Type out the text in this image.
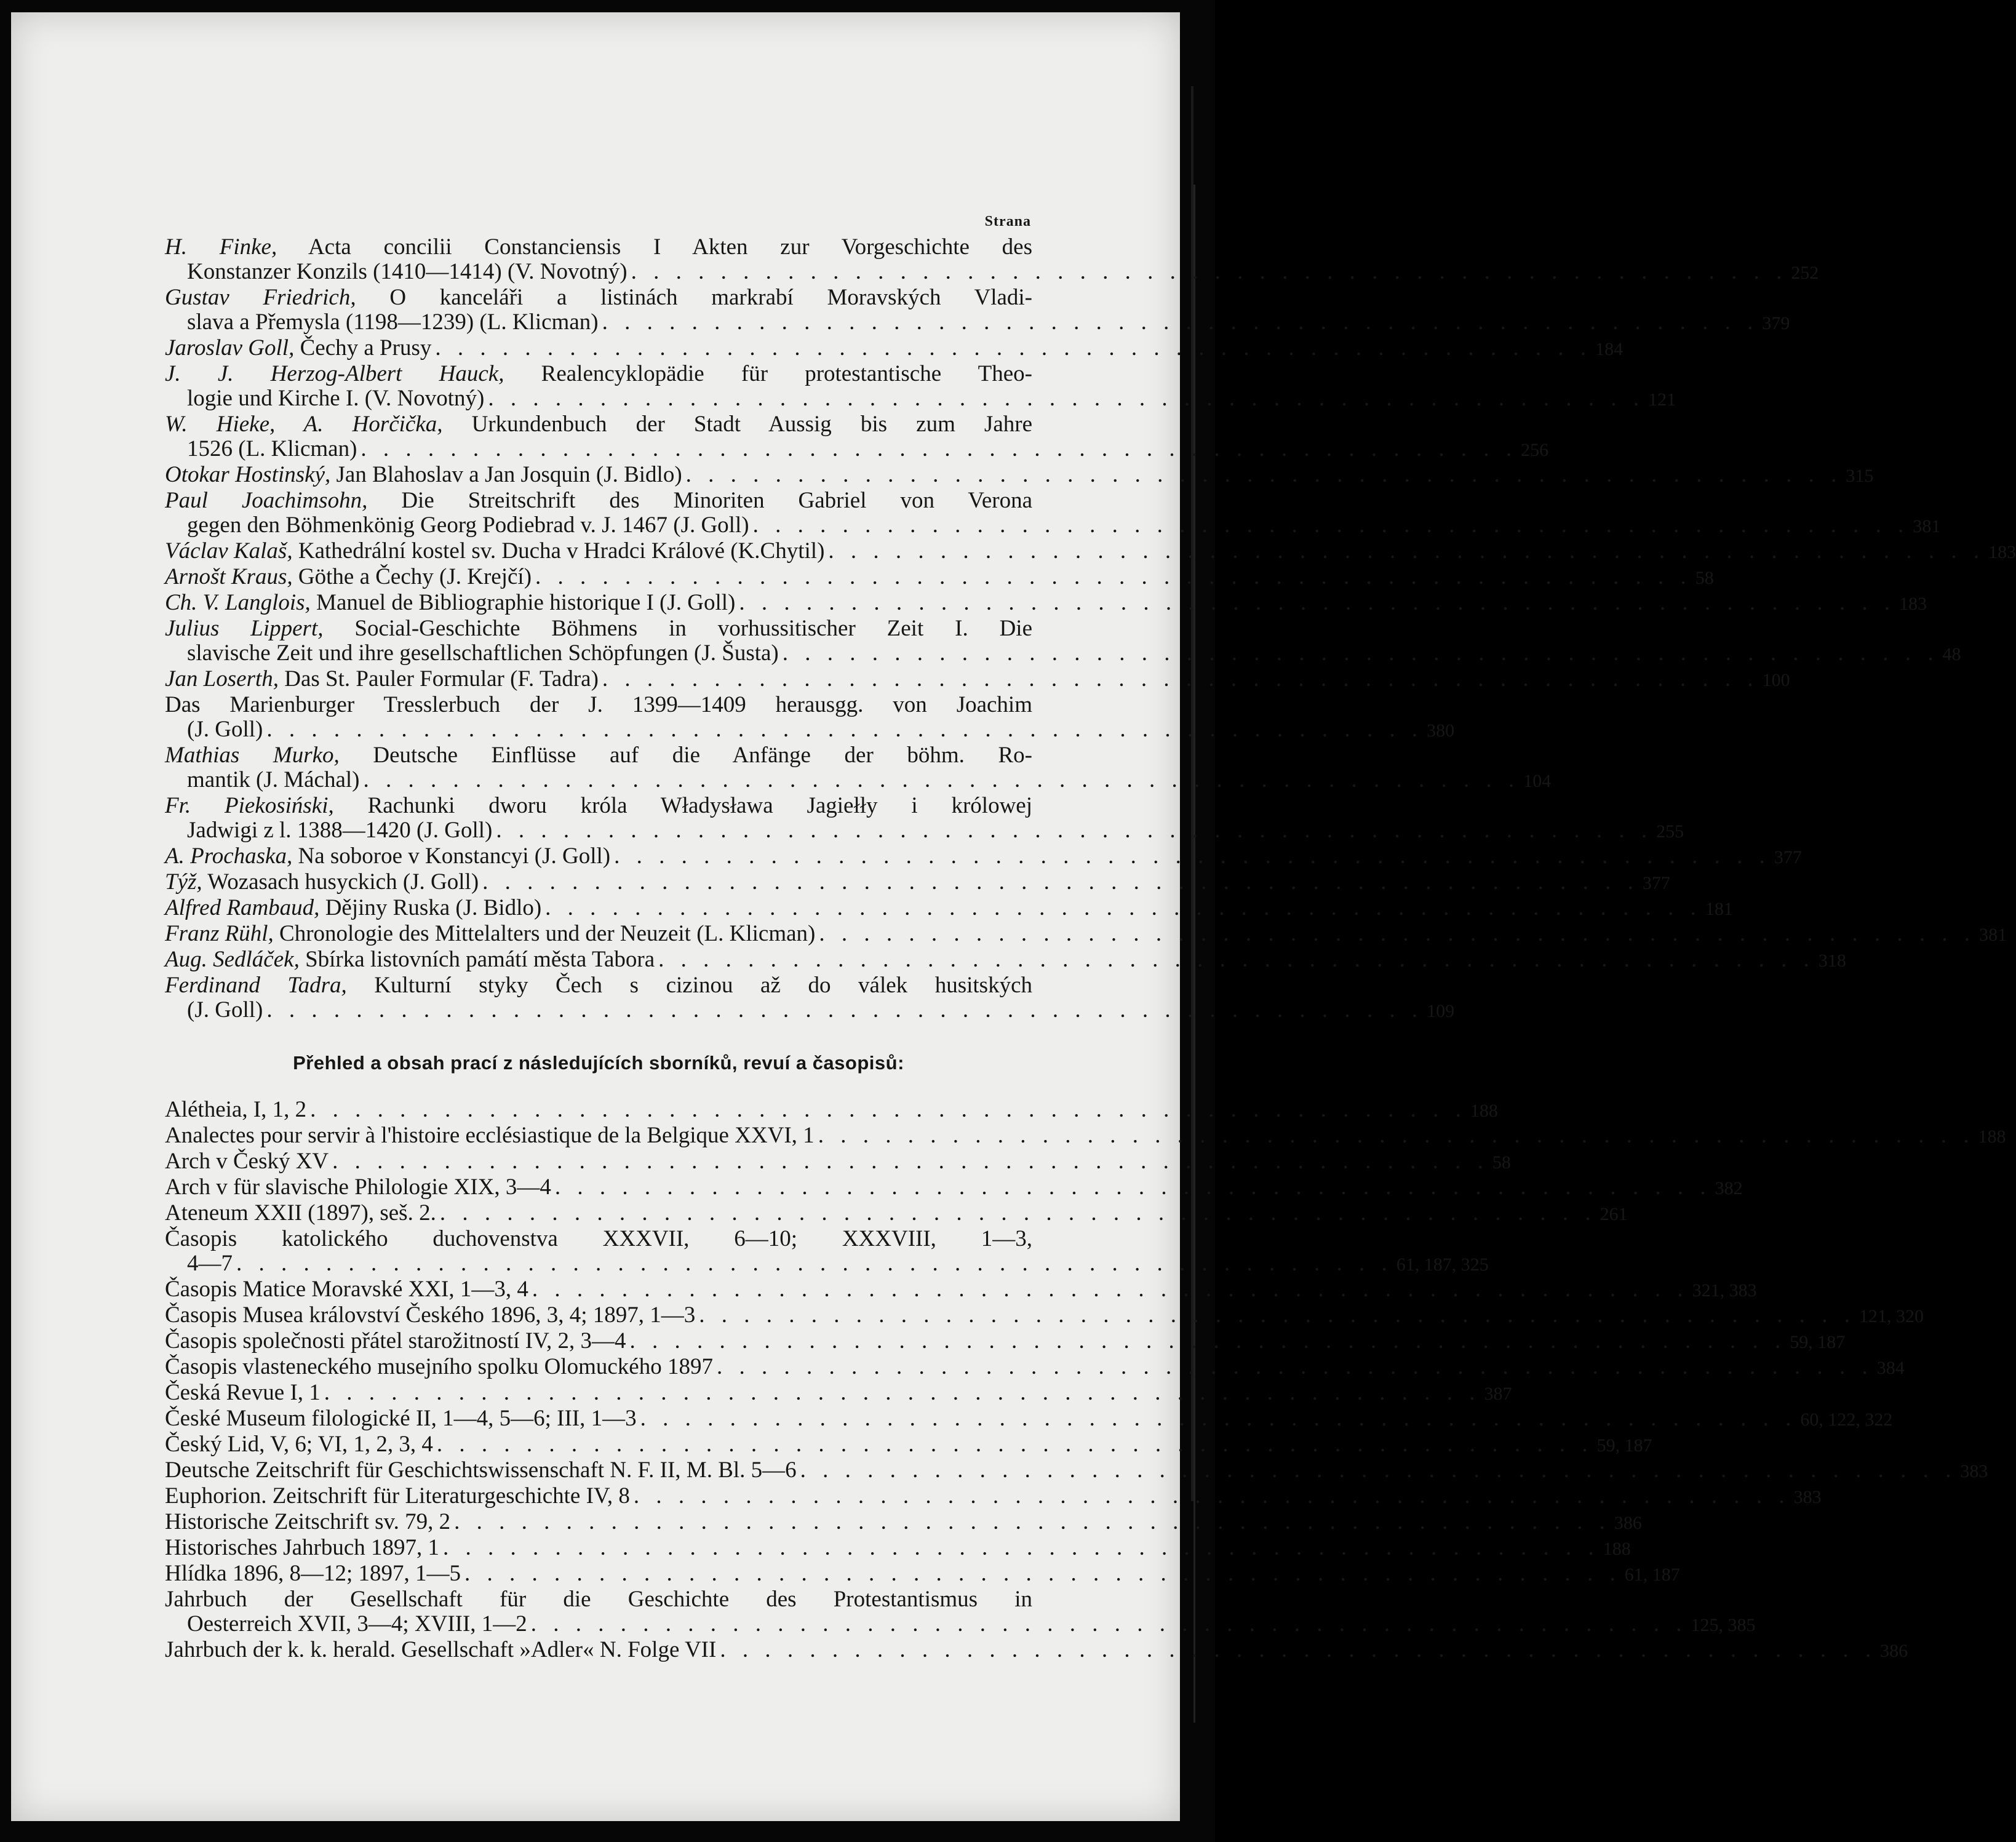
Strana
H. Finke, Acta concilii Constanciensis I Akten zur Vorgeschichte des
Konstanzer Konzils (1410—1414) (V. Novotný) . . . . . . . . . . . . . . . . . . . . . . . . . . . . . . . . . . . . . . . . . . . . . . . . . . . . 252
Gustav Friedrich, O kanceláři a listinách markrabí Moravských Vladi-
slava a Přemysla (1198—1239) (L. Klicman) . . . . . . . . . . . . . . . . . . . . . . . . . . . . . . . . . . . . . . . . . . . . . . . . . . . . 379
Jaroslav Goll, Čechy a Prusy . . . . . . . . . . . . . . . . . . . . . . . . . . . . . . . . . . . . . . . . . . . . . . . . . . . . 184
J. J. Herzog-Albert Hauck, Realencyklopädie für protestantische Theo-
logie und Kirche I. (V. Novotný) . . . . . . . . . . . . . . . . . . . . . . . . . . . . . . . . . . . . . . . . . . . . . . . . . . . . 121
W. Hieke, A. Horčička, Urkundenbuch der Stadt Aussig bis zum Jahre
1526 (L. Klicman) . . . . . . . . . . . . . . . . . . . . . . . . . . . . . . . . . . . . . . . . . . . . . . . . . . . . 256
Otokar Hostinský, Jan Blahoslav a Jan Josquin (J. Bidlo) . . . . . . . . . . . . . . . . . . . . . . . . . . . . . . . . . . . . . . . . . . . . . . . . . . . . 315
Paul Joachimsohn, Die Streitschrift des Minoriten Gabriel von Verona
gegen den Böhmenkönig Georg Podiebrad v. J. 1467 (J. Goll) . . . . . . . . . . . . . . . . . . . . . . . . . . . . . . . . . . . . . . . . . . . . . . . . . . . . 381
Václav Kalaš, Kathedrální kostel sv. Ducha v Hradci Králové (K.Chytil) . . . . . . . . . . . . . . . . . . . . . . . . . . . . . . . . . . . . . . . . . . . . . . . . . . . . 183
Arnošt Kraus, Göthe a Čechy (J. Krejčí) . . . . . . . . . . . . . . . . . . . . . . . . . . . . . . . . . . . . . . . . . . . . . . . . . . . . 58
Ch. V. Langlois, Manuel de Bibliographie historique I (J. Goll) . . . . . . . . . . . . . . . . . . . . . . . . . . . . . . . . . . . . . . . . . . . . . . . . . . . . 183
Julius Lippert, Social-Geschichte Böhmens in vorhussitischer Zeit I. Die
slavische Zeit und ihre gesellschaftlichen Schöpfungen (J. Šusta) . . . . . . . . . . . . . . . . . . . . . . . . . . . . . . . . . . . . . . . . . . . . . . . . . . . . 48
Jan Loserth, Das St. Pauler Formular (F. Tadra) . . . . . . . . . . . . . . . . . . . . . . . . . . . . . . . . . . . . . . . . . . . . . . . . . . . . 100
Das Marienburger Tresslerbuch der J. 1399—1409 herausgg. von Joachim
(J. Goll) . . . . . . . . . . . . . . . . . . . . . . . . . . . . . . . . . . . . . . . . . . . . . . . . . . . . 380
Mathias Murko, Deutsche Einflüsse auf die Anfänge der böhm. Ro-
mantik (J. Máchal) . . . . . . . . . . . . . . . . . . . . . . . . . . . . . . . . . . . . . . . . . . . . . . . . . . . . 104
Fr. Piekosiński, Rachunki dworu króla Władysława Jagiełły i królowej
Jadwigi z l. 1388—1420 (J. Goll) . . . . . . . . . . . . . . . . . . . . . . . . . . . . . . . . . . . . . . . . . . . . . . . . . . . . 255
A. Prochaska, Na soboroe v Konstancyi (J. Goll) . . . . . . . . . . . . . . . . . . . . . . . . . . . . . . . . . . . . . . . . . . . . . . . . . . . . 377
Týž, Wozasach husyckich (J. Goll) . . . . . . . . . . . . . . . . . . . . . . . . . . . . . . . . . . . . . . . . . . . . . . . . . . . . 377
Alfred Rambaud, Dějiny Ruska (J. Bidlo) . . . . . . . . . . . . . . . . . . . . . . . . . . . . . . . . . . . . . . . . . . . . . . . . . . . . 181
Franz Rühl, Chronologie des Mittelalters und der Neuzeit (L. Klicman) . . . . . . . . . . . . . . . . . . . . . . . . . . . . . . . . . . . . . . . . . . . . . . . . . . . . 381
Aug. Sedláček, Sbírka listovních památí města Tabora . . . . . . . . . . . . . . . . . . . . . . . . . . . . . . . . . . . . . . . . . . . . . . . . . . . . 318
Ferdinand Tadra, Kulturní styky Čech s cizinou až do válek husitských
(J. Goll) . . . . . . . . . . . . . . . . . . . . . . . . . . . . . . . . . . . . . . . . . . . . . . . . . . . . 109
Přehled a obsah prací z následujících sborníků, revuí a časopisů:
Alétheia, I, 1, 2 . . . . . . . . . . . . . . . . . . . . . . . . . . . . . . . . . . . . . . . . . . . . . . . . . . . . 188
Analectes pour servir à l'histoire ecclésiastique de la Belgique XXVI, 1 . . . . . . . . . . . . . . . . . . . . . . . . . . . . . . . . . . . . . . . . . . . . . . . . . . . . 188
Arch v Český XV . . . . . . . . . . . . . . . . . . . . . . . . . . . . . . . . . . . . . . . . . . . . . . . . . . . . 58
Arch v für slavische Philologie XIX, 3—4 . . . . . . . . . . . . . . . . . . . . . . . . . . . . . . . . . . . . . . . . . . . . . . . . . . . . 382
Ateneum XXII (1897), seš. 2. . . . . . . . . . . . . . . . . . . . . . . . . . . . . . . . . . . . . . . . . . . . . . . . . . . . . 261
Časopis katolického duchovenstva XXXVII, 6—10; XXXVIII, 1—3,
4—7 . . . . . . . . . . . . . . . . . . . . . . . . . . . . . . . . . . . . . . . . . . . . . . . . . . . . 61, 187, 325
Časopis Matice Moravské XXI, 1—3, 4 . . . . . . . . . . . . . . . . . . . . . . . . . . . . . . . . . . . . . . . . . . . . . . . . . . . . 321, 383
Časopis Musea království Českého 1896, 3, 4; 1897, 1—3 . . . . . . . . . . . . . . . . . . . . . . . . . . . . . . . . . . . . . . . . . . . . . . . . . . . . 121, 320
Časopis společnosti přátel starožitností IV, 2, 3—4 . . . . . . . . . . . . . . . . . . . . . . . . . . . . . . . . . . . . . . . . . . . . . . . . . . . . 59, 187
Časopis vlasteneckého musejního spolku Olomuckého 1897 . . . . . . . . . . . . . . . . . . . . . . . . . . . . . . . . . . . . . . . . . . . . . . . . . . . . 384
Česká Revue I, 1 . . . . . . . . . . . . . . . . . . . . . . . . . . . . . . . . . . . . . . . . . . . . . . . . . . . . 387
České Museum filologické II, 1—4, 5—6; III, 1—3 . . . . . . . . . . . . . . . . . . . . . . . . . . . . . . . . . . . . . . . . . . . . . . . . . . . . 60, 122, 322
Český Lid, V, 6; VI, 1, 2, 3, 4 . . . . . . . . . . . . . . . . . . . . . . . . . . . . . . . . . . . . . . . . . . . . . . . . . . . . 59, 187
Deutsche Zeitschrift für Geschichtswissenschaft N. F. II, M. Bl. 5—6 . . . . . . . . . . . . . . . . . . . . . . . . . . . . . . . . . . . . . . . . . . . . . . . . . . . . 383
Euphorion. Zeitschrift für Literaturgeschichte IV, 8 . . . . . . . . . . . . . . . . . . . . . . . . . . . . . . . . . . . . . . . . . . . . . . . . . . . . 383
Historische Zeitschrift sv. 79, 2 . . . . . . . . . . . . . . . . . . . . . . . . . . . . . . . . . . . . . . . . . . . . . . . . . . . . 386
Historisches Jahrbuch 1897, 1 . . . . . . . . . . . . . . . . . . . . . . . . . . . . . . . . . . . . . . . . . . . . . . . . . . . . 188
Hlídka 1896, 8—12; 1897, 1—5 . . . . . . . . . . . . . . . . . . . . . . . . . . . . . . . . . . . . . . . . . . . . . . . . . . . . 61, 187
Jahrbuch der Gesellschaft für die Geschichte des Protestantismus in
Oesterreich XVII, 3—4; XVIII, 1—2 . . . . . . . . . . . . . . . . . . . . . . . . . . . . . . . . . . . . . . . . . . . . . . . . . . . . 125, 385
Jahrbuch der k. k. herald. Gesellschaft »Adler« N. Folge VII . . . . . . . . . . . . . . . . . . . . . . . . . . . . . . . . . . . . . . . . . . . . . . . . . . . . 386
